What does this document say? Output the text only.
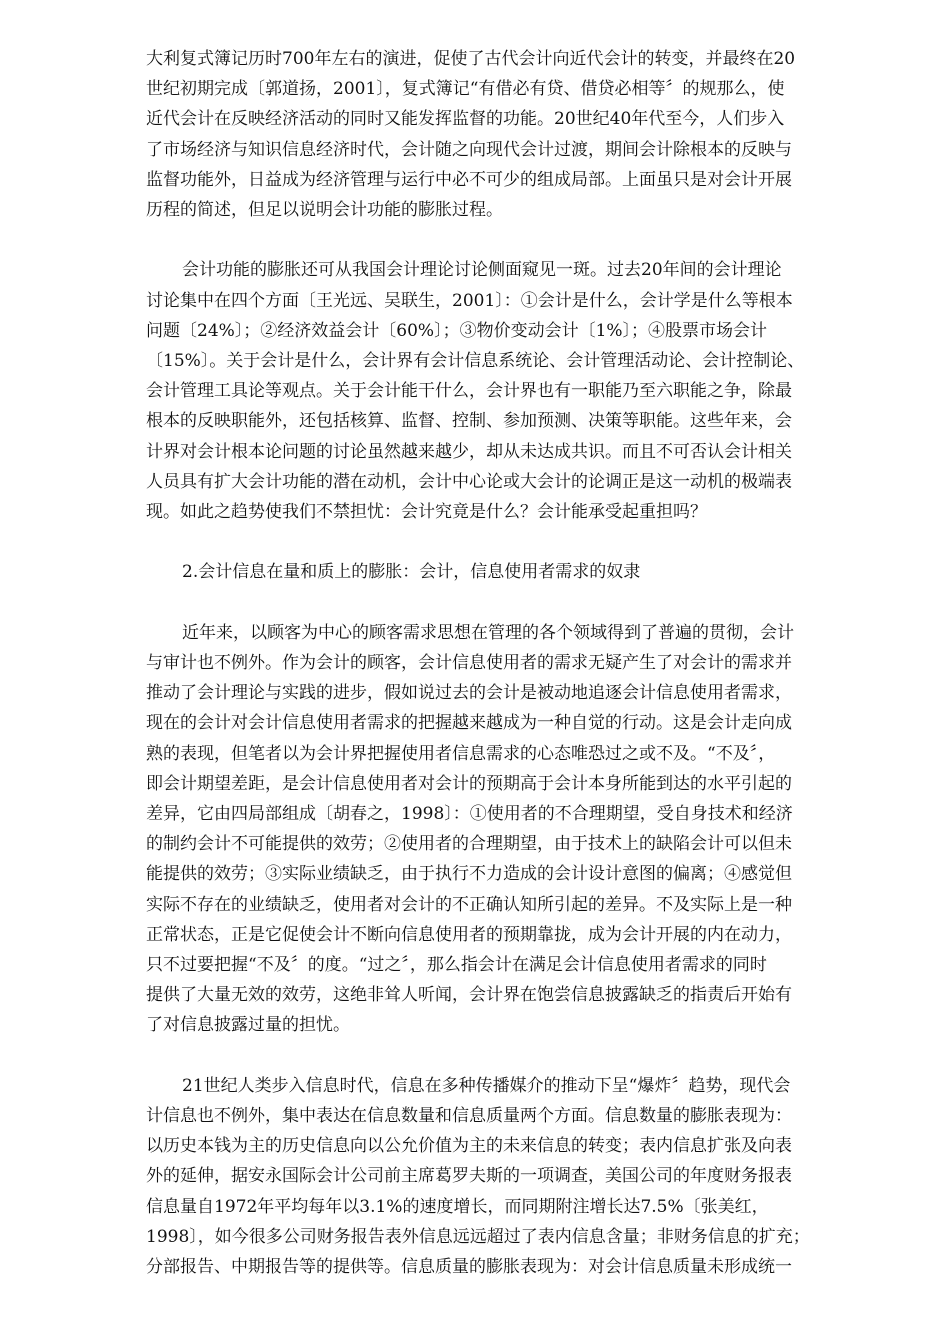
大利复式簿记历时700年左右的演进，促使了古代会计向近代会计的转变，并最终在20
世纪初期完成〔郭道扬，2001〕，复式簿记“有借必有贷、借贷必相等〞的规那么，使
近代会计在反映经济活动的同时又能发挥监督的功能。20世纪40年代至今，人们步入
了市场经济与知识信息经济时代，会计随之向现代会计过渡，期间会计除根本的反映与
监督功能外，日益成为经济管理与运行中必不可少的组成局部。上面虽只是对会计开展
历程的简述，但足以说明会计功能的膨胀过程。
会计功能的膨胀还可从我国会计理论讨论侧面窥见一斑。过去20年间的会计理论
讨论集中在四个方面〔王光远、吴联生，2001〕：①会计是什么，会计学是什么等根本
问题〔24%〕；②经济效益会计〔60%〕；③物价变动会计〔1%〕；④股票市场会计
〔15%〕。关于会计是什么，会计界有会计信息系统论、会计管理活动论、会计控制论、
会计管理工具论等观点。关于会计能干什么，会计界也有一职能乃至六职能之争，除最
根本的反映职能外，还包括核算、监督、控制、参加预测、决策等职能。这些年来，会
计界对会计根本论问题的讨论虽然越来越少，却从未达成共识。而且不可否认会计相关
人员具有扩大会计功能的潜在动机，会计中心论或大会计的论调正是这一动机的极端表
现。如此之趋势使我们不禁担忧：会计究竟是什么？会计能承受起重担吗？
2.会计信息在量和质上的膨胀：会计，信息使用者需求的奴隶
近年来，以顾客为中心的顾客需求思想在管理的各个领域得到了普遍的贯彻，会计
与审计也不例外。作为会计的顾客，会计信息使用者的需求无疑产生了对会计的需求并
推动了会计理论与实践的进步，假如说过去的会计是被动地追逐会计信息使用者需求，
现在的会计对会计信息使用者需求的把握越来越成为一种自觉的行动。这是会计走向成
熟的表现，但笔者以为会计界把握使用者信息需求的心态唯恐过之或不及。“不及〞，
即会计期望差距，是会计信息使用者对会计的预期高于会计本身所能到达的水平引起的
差异，它由四局部组成〔胡春之，1998〕：①使用者的不合理期望，受自身技术和经济
的制约会计不可能提供的效劳；②使用者的合理期望，由于技术上的缺陷会计可以但未
能提供的效劳；③实际业绩缺乏，由于执行不力造成的会计设计意图的偏离；④感觉但
实际不存在的业绩缺乏，使用者对会计的不正确认知所引起的差异。不及实际上是一种
正常状态，正是它促使会计不断向信息使用者的预期靠拢，成为会计开展的内在动力，
只不过要把握“不及〞的度。“过之〞，那么指会计在满足会计信息使用者需求的同时
提供了大量无效的效劳，这绝非耸人听闻，会计界在饱尝信息披露缺乏的指责后开始有
了对信息披露过量的担忧。
21世纪人类步入信息时代，信息在多种传播媒介的推动下呈“爆炸〞趋势，现代会
计信息也不例外，集中表达在信息数量和信息质量两个方面。信息数量的膨胀表现为：
以历史本钱为主的历史信息向以公允价值为主的未来信息的转变；表内信息扩张及向表
外的延伸，据安永国际会计公司前主席葛罗夫斯的一项调查，美国公司的年度财务报表
信息量自1972年平均每年以3.1%的速度增长，而同期附注增长达7.5%〔张美红，
1998〕，如今很多公司财务报告表外信息远远超过了表内信息含量；非财务信息的扩充；
分部报告、中期报告等的提供等。信息质量的膨胀表现为：对会计信息质量未形成统一
